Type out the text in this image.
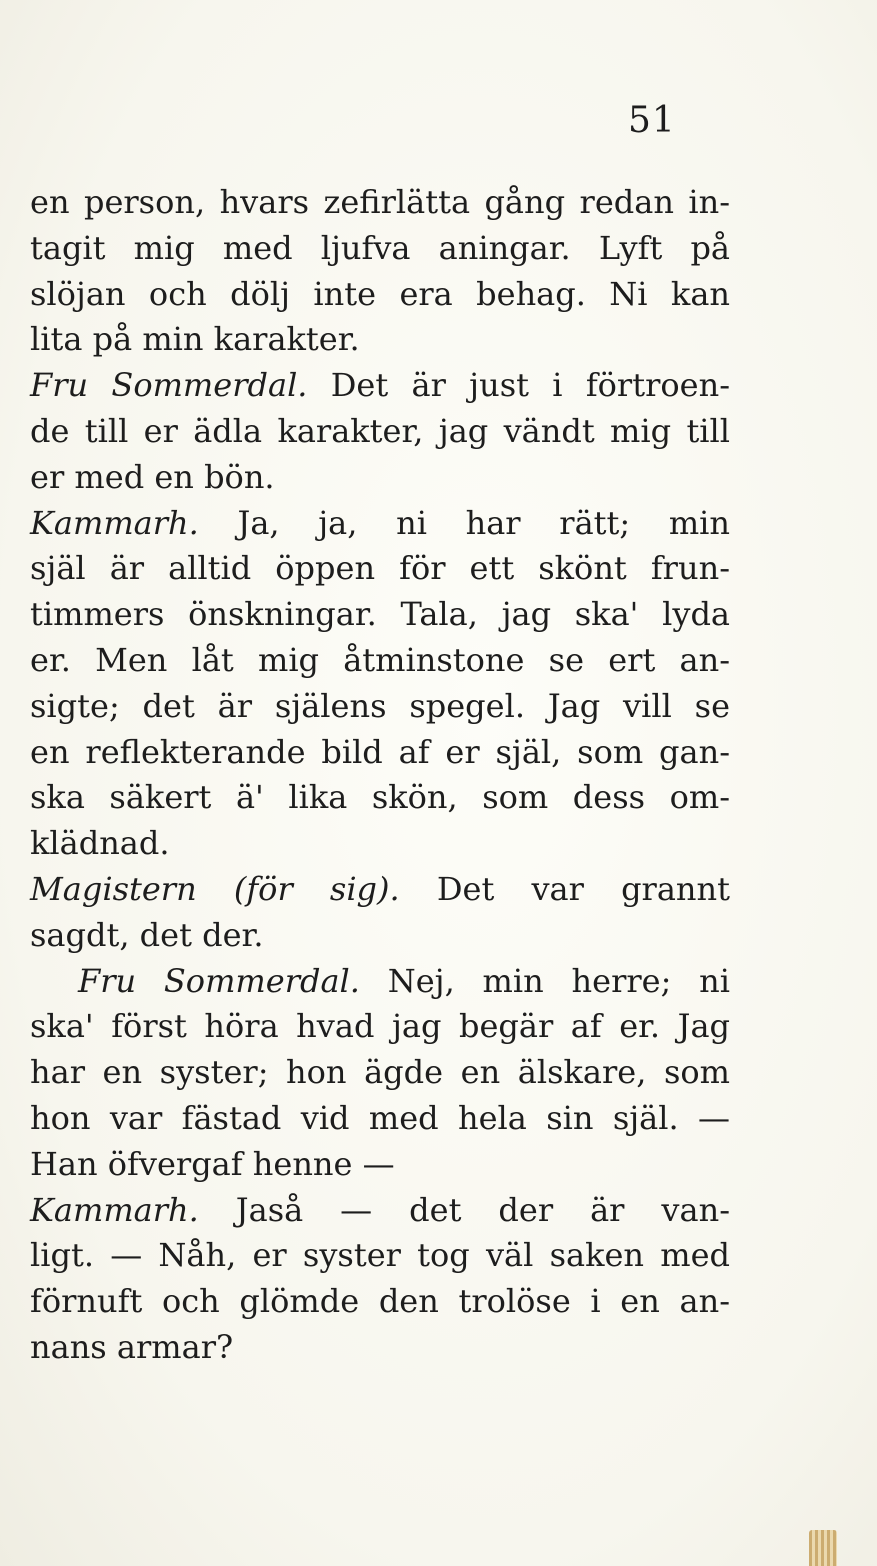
51
en person, hvars zefirlätta gång redan in-
tagit mig med ljufva aningar. Lyft på
slöjan och dölj inte era behag. Ni kan
lita på min karakter.
Fru Sommerdal. Det är just i förtroen-
de till er ädla karakter, jag vändt mig till
er med en bön.
Kammarh. Ja, ja, ni har rätt; min
själ är alltid öppen för ett skönt frun-
timmers önskningar. Tala, jag ska' lyda
er. Men låt mig åtminstone se ert an-
sigte; det är själens spegel. Jag vill se
en reflekterande bild af er själ, som gan-
ska säkert ä' lika skön, som dess om-
klädnad.
Magistern (för sig). Det var grannt
sagdt, det der.
Fru Sommerdal. Nej, min herre; ni
ska' först höra hvad jag begär af er. Jag
har en syster; hon ägde en älskare, som
hon var fästad vid med hela sin själ. —
Han öfvergaf henne —
Kammarh. Jaså — det der är van-
ligt. — Nåh, er syster tog väl saken med
förnuft och glömde den trolöse i en an-
nans armar?
